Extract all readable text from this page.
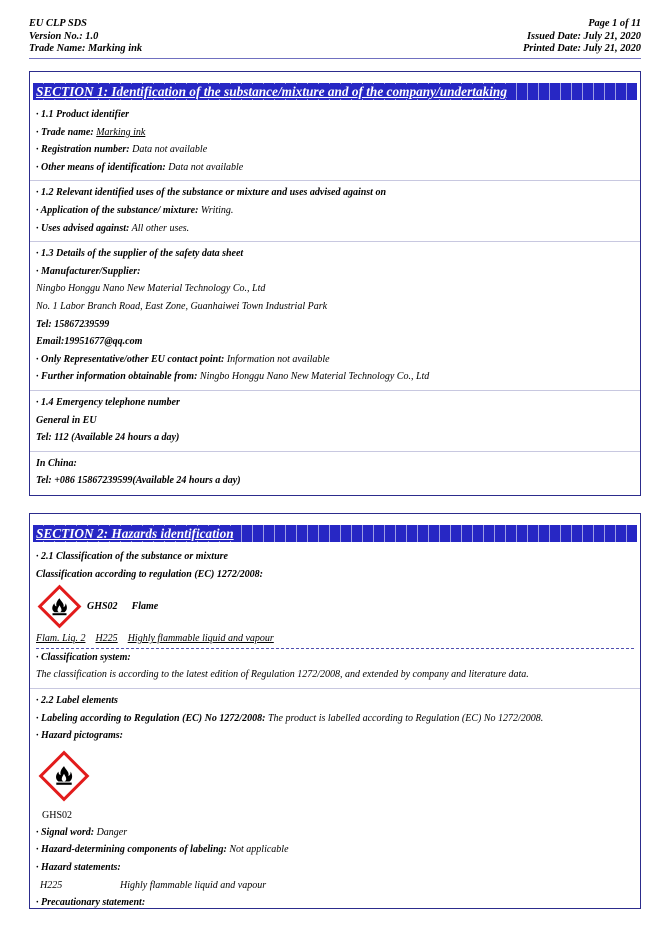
EU CLP SDS	Page 1 of 11
Version No.: 1.0	Issued Date: July 21, 2020
Trade Name: Marking ink	Printed Date: July 21, 2020
SECTION 1: Identification of the substance/mixture and of the company/undertaking
· 1.1 Product identifier
· Trade name: Marking ink
· Registration number: Data not available
· Other means of identification: Data not available
· 1.2 Relevant identified uses of the substance or mixture and uses advised against on
· Application of the substance/ mixture: Writing.
· Uses advised against: All other uses.
· 1.3 Details of the supplier of the safety data sheet
· Manufacturer/Supplier:
Ningbo Honggu Nano New Material Technology Co., Ltd
No. 1 Labor Branch Road, East Zone, Guanhaiwei Town Industrial Park
Tel: 15867239599
Email:19951677@qq.com
· Only Representative/other EU contact point: Information not available
· Further information obtainable from: Ningbo Honggu Nano New Material Technology Co., Ltd
· 1.4 Emergency telephone number
General in EU
Tel: 112 (Available 24 hours a day)
In China:
Tel: +086 15867239599(Available 24 hours a day)
SECTION 2: Hazards identification
· 2.1 Classification of the substance or mixture
Classification according to regulation (EC) 1272/2008:
GHS02 Flame
Flam. Liq. 2 H225 Highly flammable liquid and vapour
· Classification system:
The classification is according to the latest edition of Regulation 1272/2008, and extended by company and literature data.
· 2.2 Label elements
· Labeling according to Regulation (EC) No 1272/2008: The product is labelled according to Regulation (EC) No 1272/2008.
· Hazard pictograms:
GHS02
· Signal word: Danger
· Hazard-determining components of labeling: Not applicable
· Hazard statements:
H225	Highly flammable liquid and vapour
· Precautionary statement:
